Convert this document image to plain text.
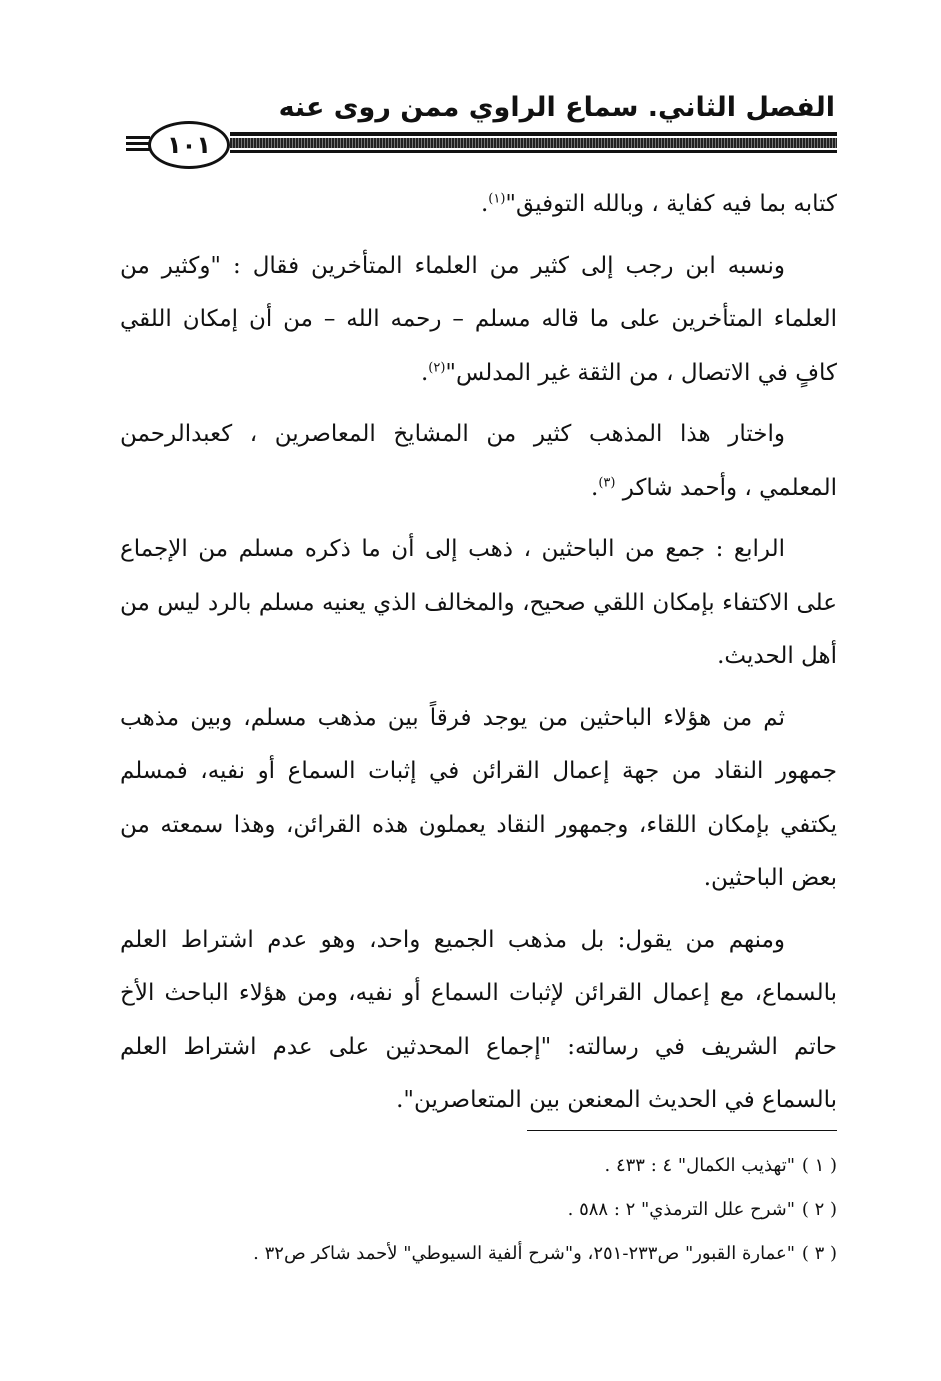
الفصل الثاني. سماع الراوي ممن روى عنه
١٠١

كتابه بما فيه كفاية ، وبالله التوفيق"$^{(١)}$.

ونسبه ابن رجب إلى كثير من العلماء المتأخرين فقال : "وكثير من العلماء المتأخرين على ما قاله مسلم – رحمه الله – من أن إمكان اللقي كافٍ في الاتصال ، من الثقة غير المدلس"$^{(٢)}$.

واختار هذا المذهب كثير من المشايخ المعاصرين ، كعبدالرحمن المعلمي ، وأحمد شاكر $^{(٣)}$.

الرابع : جمع من الباحثين ، ذهب إلى أن ما ذكره مسلم من الإجماع على الاكتفاء بإمكان اللقي صحيح، والمخالف الذي يعنيه مسلم بالرد ليس من أهل الحديث.

ثم من هؤلاء الباحثين من يوجد فرقاً بين مذهب مسلم، وبين مذهب جمهور النقاد من جهة إعمال القرائن في إثبات السماع أو نفيه، فمسلم يكتفي بإمكان اللقاء، وجمهور النقاد يعملون هذه القرائن، وهذا سمعته من بعض الباحثين.

ومنهم من يقول: بل مذهب الجميع واحد، وهو عدم اشتراط العلم بالسماع، مع إعمال القرائن لإثبات السماع أو نفيه، ومن هؤلاء الباحث الأخ حاتم الشريف في رسالته: "إجماع المحدثين على عدم اشتراط العلم بالسماع في الحديث المعنعن بين المتعاصرين".

( ١ )"تهذيب الكمال" ٤ : ٤٣٣ .
( ٢ )"شرح علل الترمذي" ٢ : ٥٨٨ .
( ٣ )"عمارة القبور" ص٢٣٣-٢٥١، و"شرح ألفية السيوطي" لأحمد شاكر ص٣٢ .
